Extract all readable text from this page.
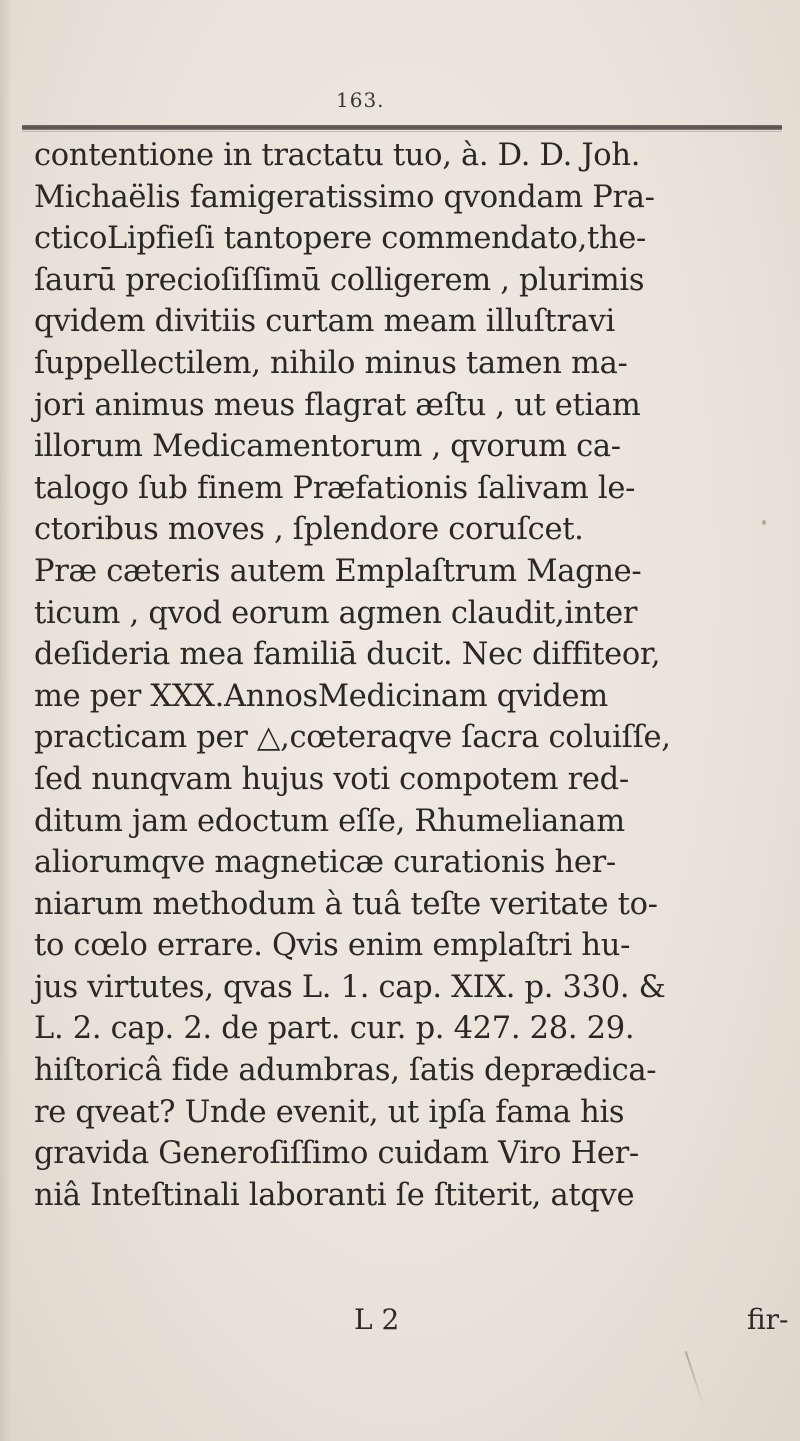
163.
contentione in tractatu tuo, à. D. D. Joh.
Michaëlis famigeratissimo qvondam Pra-
cticoLipfieſi tantopere commendato,the-
ſaurū precioſiſſimū colligerem , plurimis
qvidem divitiis curtam meam illuſtravi
ſuppellectilem, nihilo minus tamen ma-
jori animus meus flagrat æſtu , ut etiam
illorum Medicamentorum , qvorum ca-
talogo ſub finem Præfationis ſalivam le-
ctoribus moves , ſplendore coruſcet.
Præ cæteris autem Emplaſtrum Magne-
ticum , qvod eorum agmen claudit,inter
deſideria mea familiā ducit. Nec diffiteor,
me per XXX.AnnosMedicinam qvidem
practicam per △,cœteraqve ſacra coluiſſe,
ſed nunqvam hujus voti compotem red-
ditum jam edoctum eſſe, Rhumelianam
aliorumqve magneticæ curationis her-
niarum methodum à tuâ teſte veritate to-
to cœlo errare. Qvis enim emplaſtri hu-
jus virtutes, qvas L. 1. cap. XIX. p. 330. &
L. 2. cap. 2. de part. cur. p. 427. 28. 29.
hiſtoricâ fide adumbras, ſatis deprædica-
re qveat? Unde evenit, ut ipſa fama his
gravida Generoſiſſimo cuidam Viro Her-
niâ Inteſtinali laboranti ſe ſtiterit, atqve
L 2	fir-
